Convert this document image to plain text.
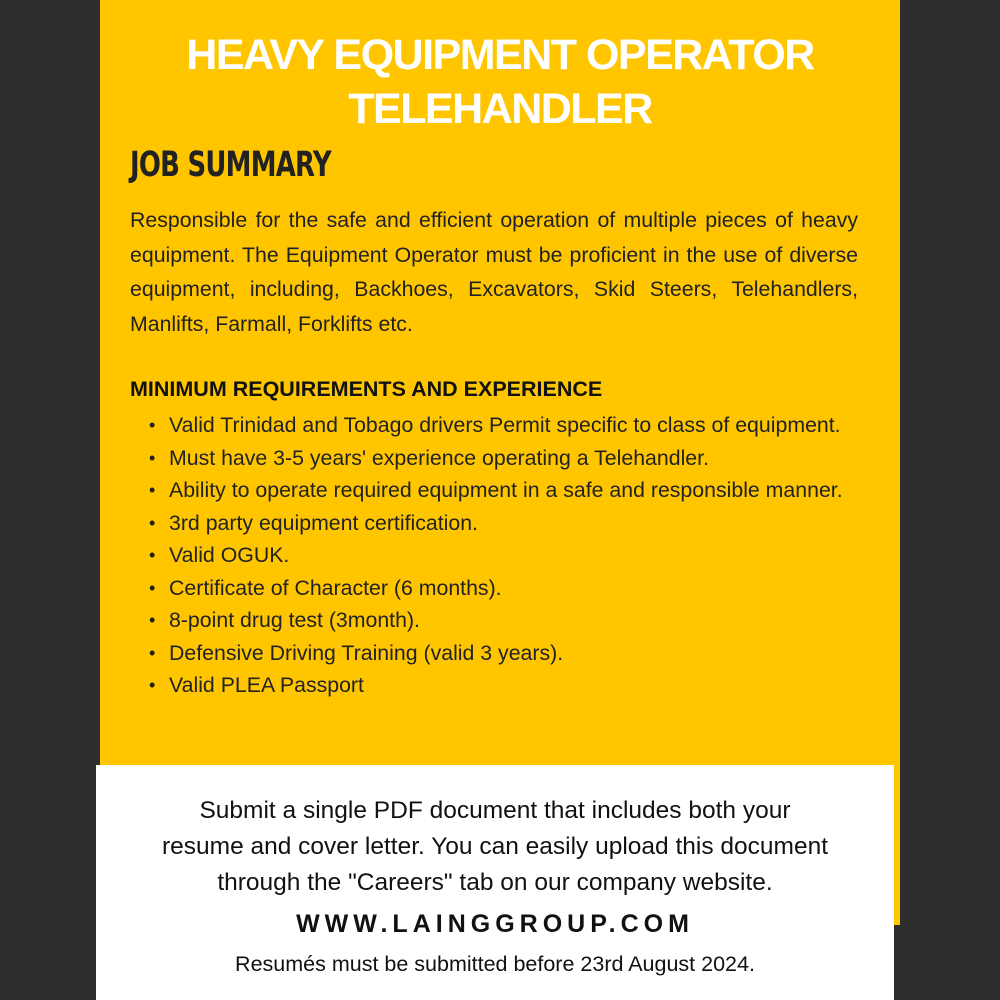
HEAVY EQUIPMENT OPERATOR
TELEHANDLER
JOB SUMMARY

Responsible for the safe and efficient operation of multiple pieces of heavy equipment. The Equipment Operator must be proficient in the use of diverse equipment, including, Backhoes, Excavators, Skid Steers, Telehandlers, Manlifts, Farmall, Forklifts etc.

MINIMUM REQUIREMENTS AND EXPERIENCE
• Valid Trinidad and Tobago drivers Permit specific to class of equipment.
• Must have 3-5 years' experience operating a Telehandler.
• Ability to operate required equipment in a safe and responsible manner.
• 3rd party equipment certification.
• Valid OGUK.
• Certificate of Character (6 months).
• 8-point drug test (3month).
• Defensive Driving Training (valid 3 years).
• Valid PLEA Passport

Submit a single PDF document that includes both your
resume and cover letter. You can easily upload this document
through the "Careers" tab on our company website.

WWW.LAINGGROUP.COM

Resumés must be submitted before 23rd August 2024.
